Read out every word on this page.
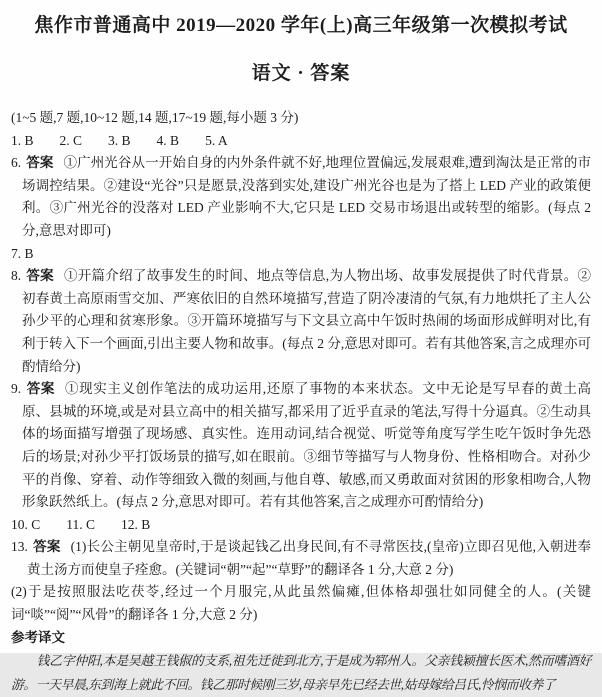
焦作市普通高中 2019—2020 学年(上)高三年级第一次模拟考试
语文 · 答案

(1~5 题,7 题,10~12 题,14 题,17~19 题,每小题 3 分)

1. B 2. C 3. B 4. B 5. A

6. 答案 ①广州光谷从一开始自身的内外条件就不好,地理位置偏远,发展艰难,遭到淘汰是正常的市场调控结果。②建设“光谷”只是愿景,没落到实处,建设广州光谷也是为了搭上 LED 产业的政策便利。③广州光谷的没落对 LED 产业影响不大,它只是 LED 交易市场退出或转型的缩影。(每点 2 分,意思对即可)

7. B

8. 答案 ①开篇介绍了故事发生的时间、地点等信息,为人物出场、故事发展提供了时代背景。②初春黄土高原雨雪交加、严寒依旧的自然环境描写,营造了阴冷凄清的气氛,有力地烘托了主人公孙少平的心理和贫寒形象。③开篇环境描写与下文县立高中午饭时热闹的场面形成鲜明对比,有利于转入下一个画面,引出主要人物和故事。(每点 2 分,意思对即可。若有其他答案,言之成理亦可酌情给分)

9. 答案 ①现实主义创作笔法的成功运用,还原了事物的本来状态。文中无论是写早春的黄土高原、县城的环境,或是对县立高中的相关描写,都采用了近乎直录的笔法,写得十分逼真。②生动具体的场面描写增强了现场感、真实性。连用动词,结合视觉、听觉等角度写学生吃午饭时争先恐后的场景;对孙少平打饭场景的描写,如在眼前。③细节等描写与人物身份、性格相吻合。对孙少平的肖像、穿着、动作等细致入微的刻画,与他自尊、敏感,而又勇敢面对贫困的形象相吻合,人物形象跃然纸上。(每点 2 分,意思对即可。若有其他答案,言之成理亦可酌情给分)

10. C 11. C 12. B

13. 答案 (1)长公主朝见皇帝时,于是谈起钱乙出身民间,有不寻常医技,(皇帝)立即召见他,入朝进奉黄土汤方而使皇子痊愈。(关键词“朝”“起”“草野”的翻译各 1 分,大意 2 分)

(2)于是按照服法吃茯苓,经过一个月服完,从此虽然偏瘫,但体格却强壮如同健全的人。(关键词“啖”“阅”“风骨”的翻译各 1 分,大意 2 分)

参考译文

钱乙字仲阳,本是吴越王钱俶的支系,祖先迁徙到北方,于是成为郓州人。父亲钱颖擅长医术,然而嗜酒好游。一天早晨,东到海上就此不回。钱乙那时候刚三岁,母亲早先已经去世,姑母嫁给吕氏,怜悯而收养了
